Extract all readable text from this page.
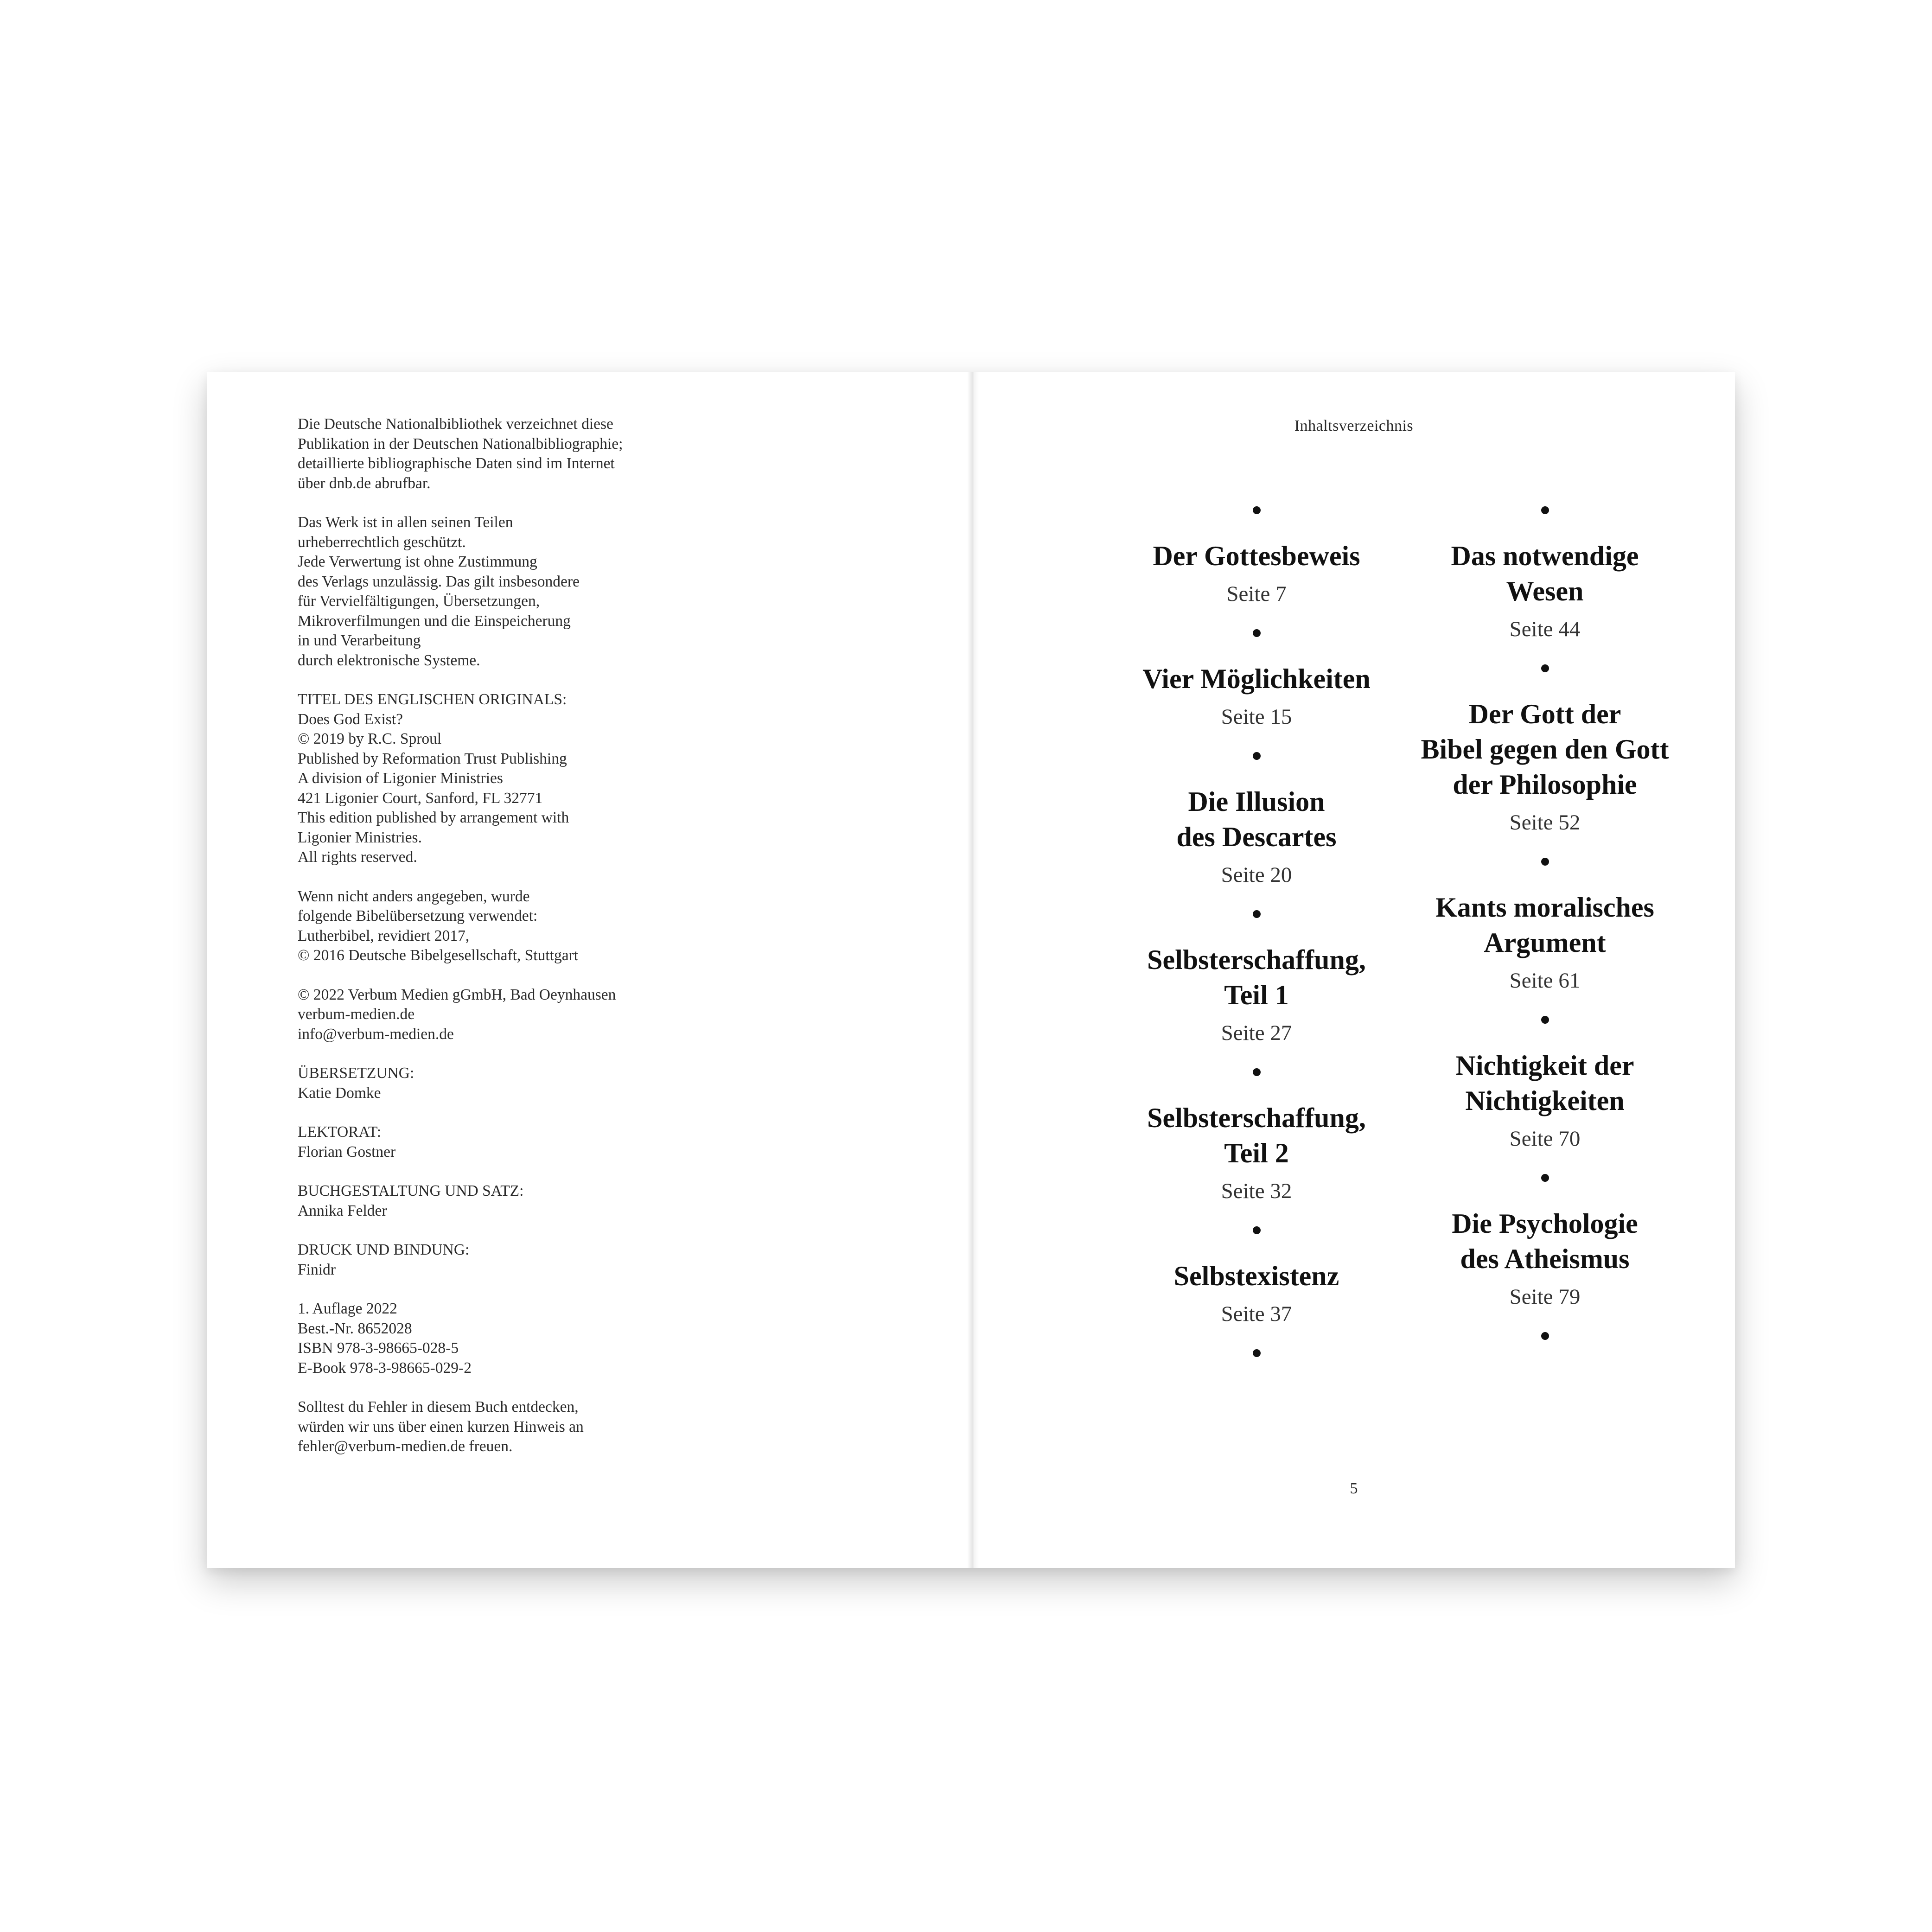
Die Deutsche Nationalbibliothek verzeichnet diese
Publikation in der Deutschen Nationalbibliographie;
detaillierte bibliographische Daten sind im Internet
über dnb.de abrufbar.
Das Werk ist in allen seinen Teilen
urheberrechtlich geschützt.
Jede Verwertung ist ohne Zustimmung
des Verlags unzulässig. Das gilt insbesondere
für Vervielfältigungen, Übersetzungen,
Mikroverfilmungen und die Einspeicherung
in und Verarbeitung
durch elektronische Systeme.
TITEL DES ENGLISCHEN ORIGINALS:
Does God Exist?
© 2019 by R.C. Sproul
Published by Reformation Trust Publishing
A division of Ligonier Ministries
421 Ligonier Court, Sanford, FL 32771
This edition published by arrangement with
Ligonier Ministries.
All rights reserved.
Wenn nicht anders angegeben, wurde
folgende Bibelübersetzung verwendet:
Lutherbibel, revidiert 2017,
© 2016 Deutsche Bibelgesellschaft, Stuttgart
© 2022 Verbum Medien gGmbH, Bad Oeynhausen
verbum-medien.de
info@verbum-medien.de
ÜBERSETZUNG:
Katie Domke
LEKTORAT:
Florian Gostner
BUCHGESTALTUNG UND SATZ:
Annika Felder
DRUCK UND BINDUNG:
Finidr
1. Auflage 2022
Best.-Nr. 8652028
ISBN 978-3-98665-028-5
E-Book 978-3-98665-029-2
Solltest du Fehler in diesem Buch entdecken,
würden wir uns über einen kurzen Hinweis an
fehler@verbum-medien.de freuen.
Inhaltsverzeichnis
Der Gottesbeweis
Seite 7
Vier Möglichkeiten
Seite 15
Die Illusion
des Descartes
Seite 20
Selbsterschaffung,
Teil 1
Seite 27
Selbsterschaffung,
Teil 2
Seite 32
Selbstexistenz
Seite 37
Das notwendige
Wesen
Seite 44
Der Gott der
Bibel gegen den Gott
der Philosophie
Seite 52
Kants moralisches
Argument
Seite 61
Nichtigkeit der
Nichtigkeiten
Seite 70
Die Psychologie
des Atheismus
Seite 79
5
